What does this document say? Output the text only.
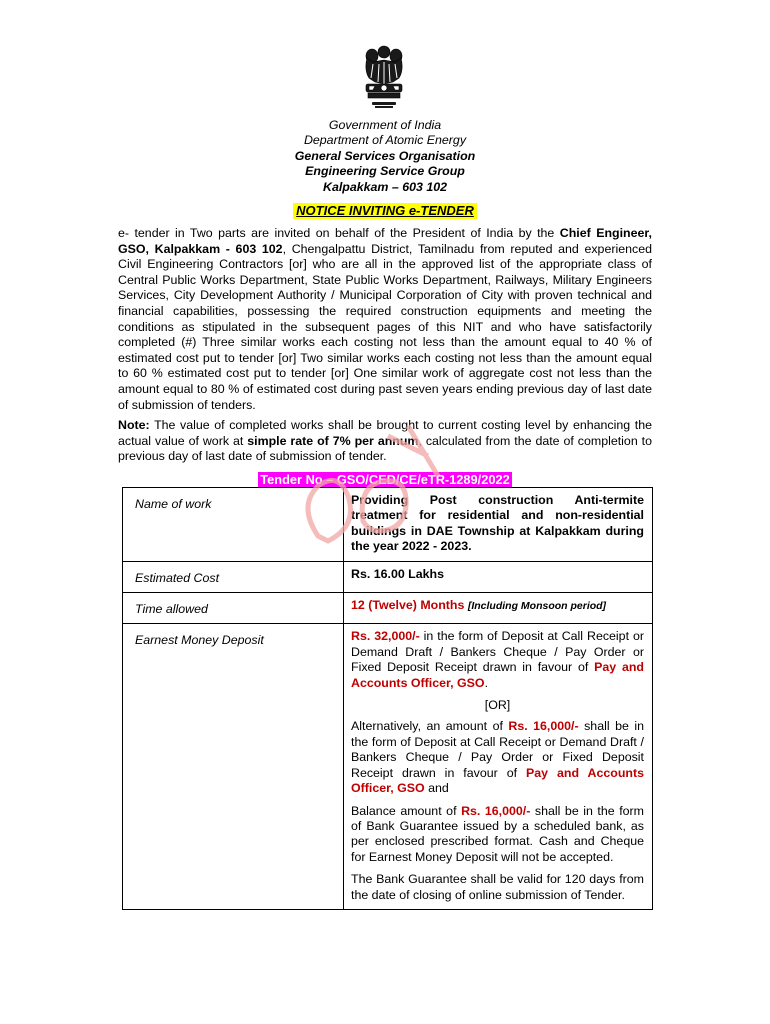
Government of India
Department of Atomic Energy
General Services Organisation
Engineering Service Group
Kalpakkam – 603 102
NOTICE INVITING e-TENDER
e- tender in Two parts are invited on behalf of the President of India by the Chief Engineer, GSO, Kalpakkam - 603 102, Chengalpattu District, Tamilnadu from reputed and experienced Civil Engineering Contractors [or] who are all in the approved list of the appropriate class of Central Public Works Department, State Public Works Department, Railways, Military Engineers Services, City Development Authority / Municipal Corporation of City with proven technical and financial capabilities, possessing the required construction equipments and meeting the conditions as stipulated in the subsequent pages of this NIT and who have satisfactorily completed (#) Three similar works each costing not less than the amount equal to 40 % of estimated cost put to tender [or] Two similar works each costing not less than the amount equal to 60 % estimated cost put to tender [or] One similar work of aggregate cost not less than the amount equal to 80 % of estimated cost during past seven years ending previous day of last date of submission of tenders.
Note: The value of completed works shall be brought to current costing level by enhancing the actual value of work at simple rate of 7% per annum, calculated from the date of completion to previous day of last date of submission of tender.
Tender No – GSO/CED/CE/eTR-1289/2022
Name of work	Providing Post construction Anti-termite treatment for residential and non-residential buildings in DAE Township at Kalpakkam during the year 2022 - 2023.
Estimated Cost	Rs. 16.00 Lakhs
Time allowed	12 (Twelve) Months [Including Monsoon period]
Earnest Money Deposit	Rs. 32,000/- in the form of Deposit at Call Receipt or Demand Draft / Bankers Cheque / Pay Order or Fixed Deposit Receipt drawn in favour of Pay and Accounts Officer, GSO.
[OR]
Alternatively, an amount of Rs. 16,000/- shall be in the form of Deposit at Call Receipt or Demand Draft / Bankers Cheque / Pay Order or Fixed Deposit Receipt drawn in favour of Pay and Accounts Officer, GSO and
Balance amount of Rs. 16,000/- shall be in the form of Bank Guarantee issued by a scheduled bank, as per enclosed prescribed format. Cash and Cheque for Earnest Money Deposit will not be accepted.
The Bank Guarantee shall be valid for 120 days from the date of closing of online submission of Tender.
